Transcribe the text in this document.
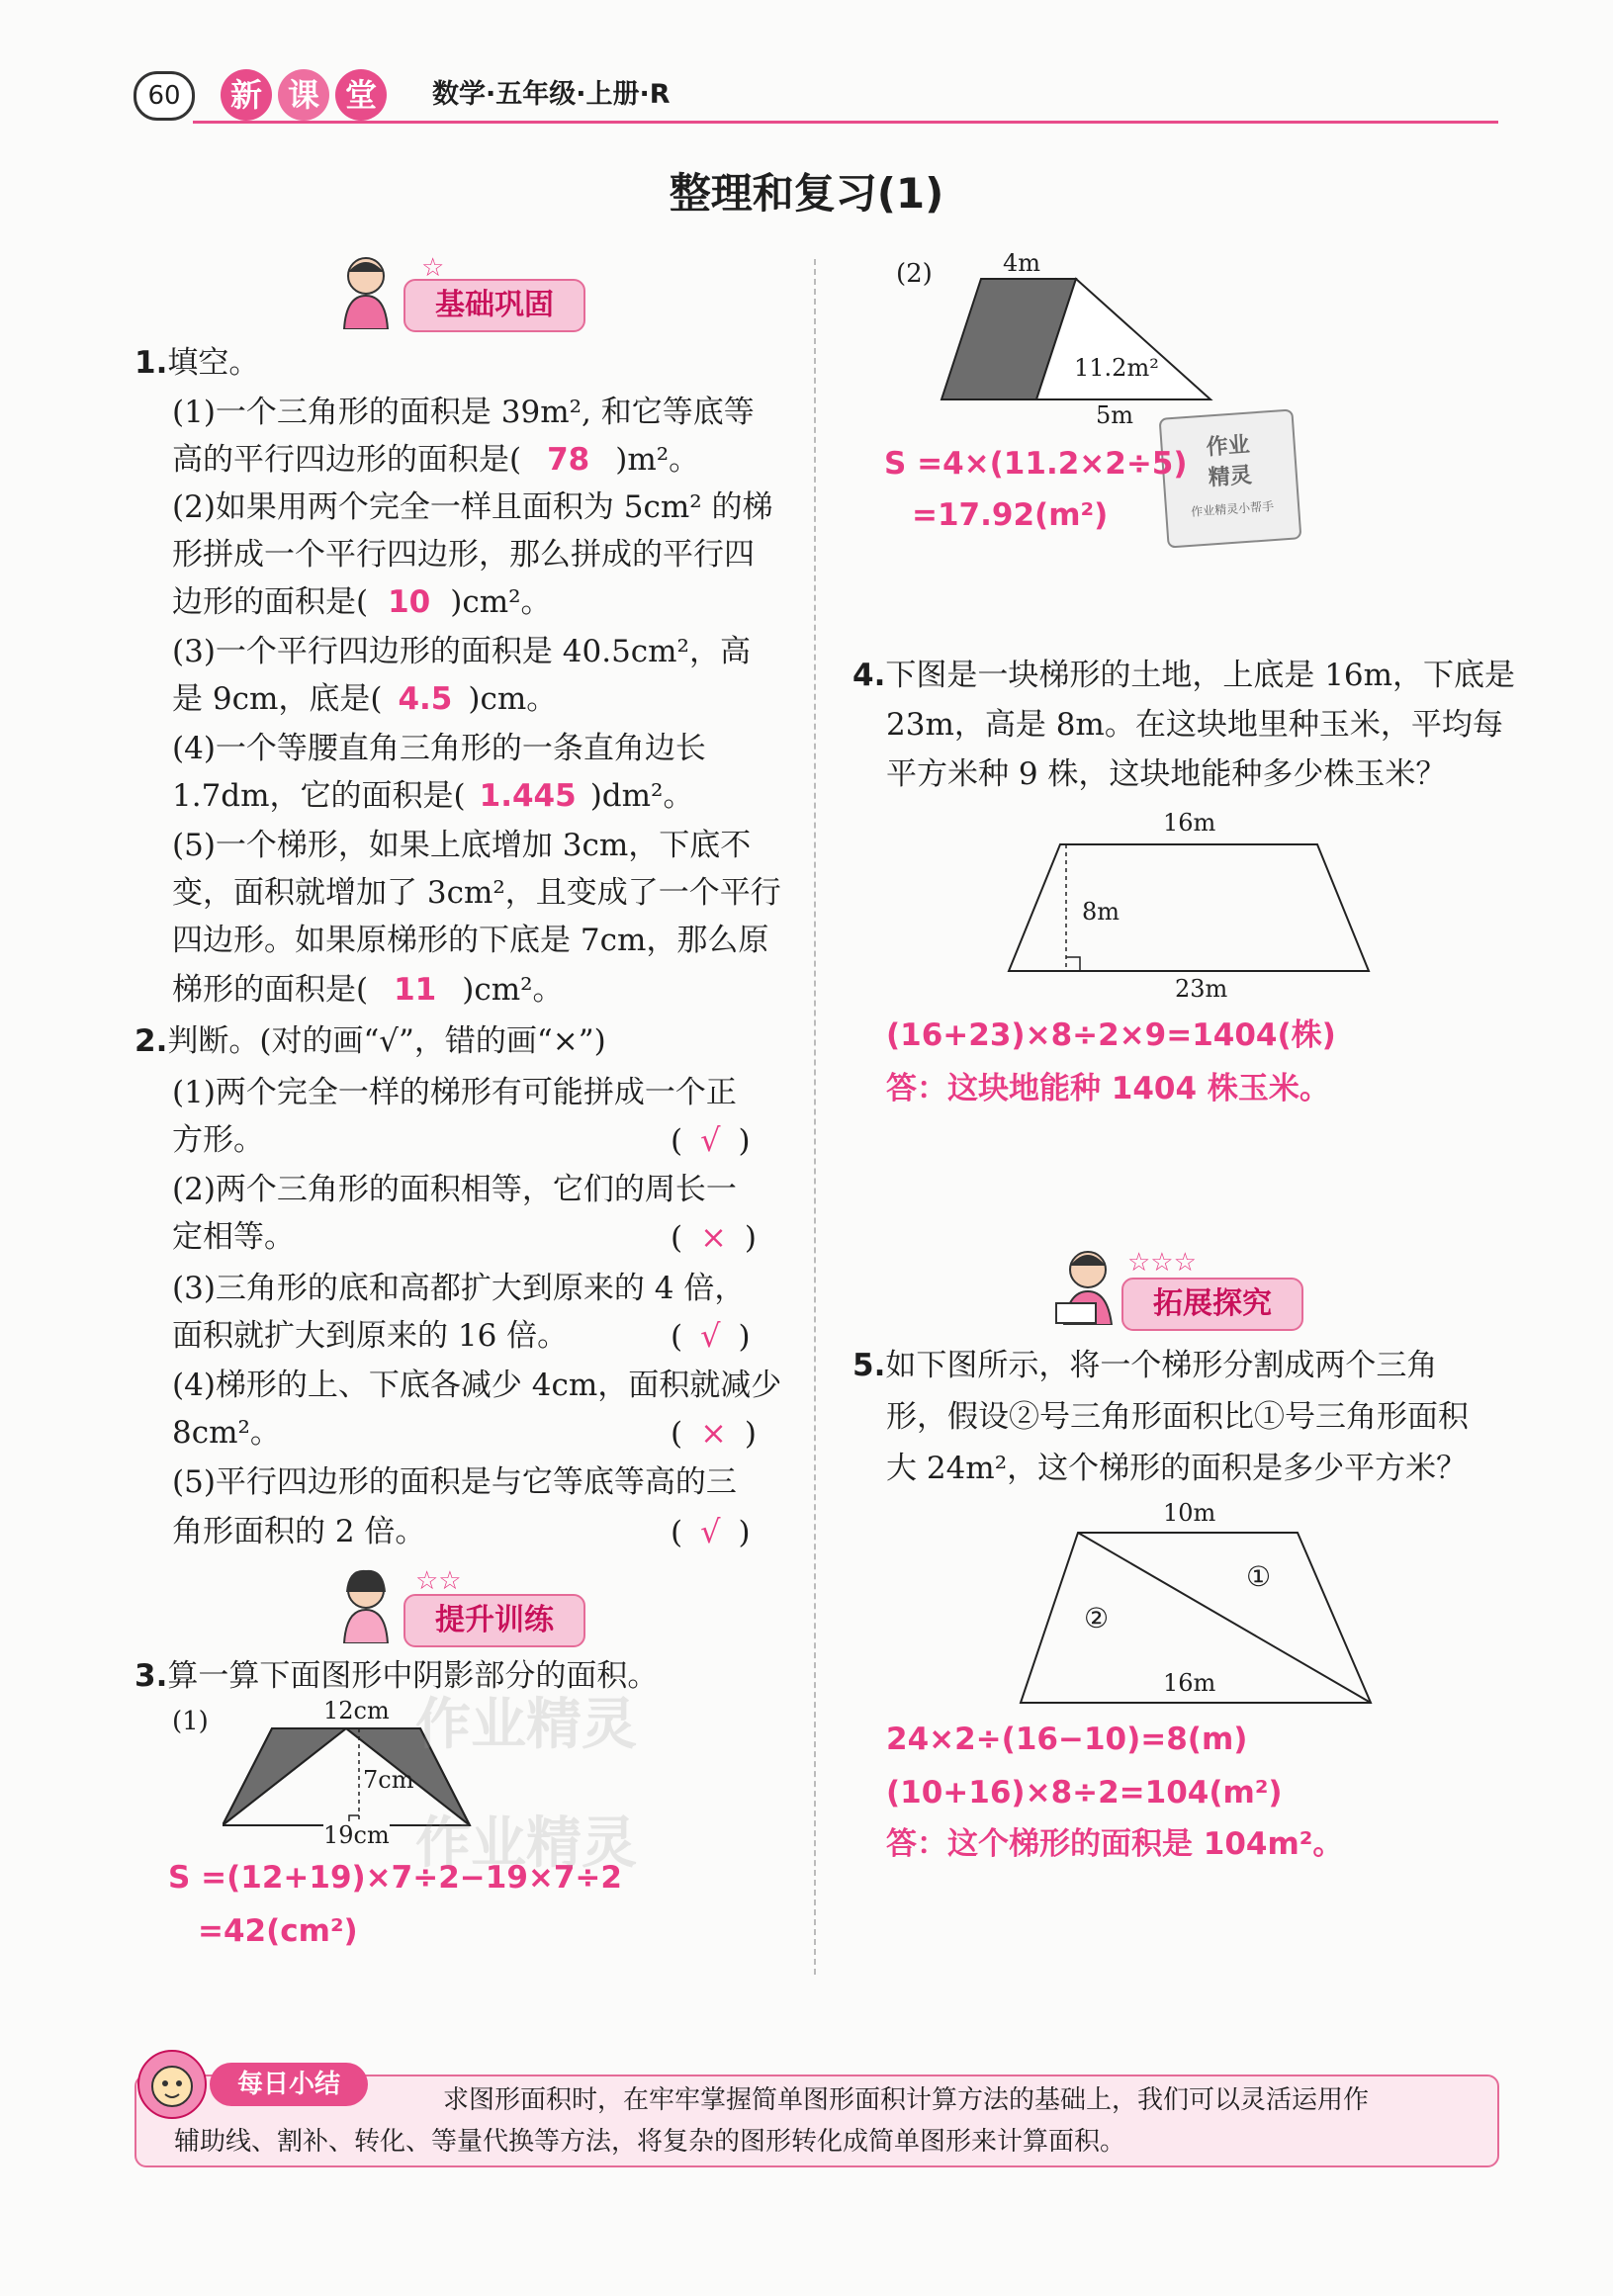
60	新 课 堂	数学·五年级·上册·R
整理和复习(1)
基础巩固
☆
1.填空。
(1)一个三角形的面积是 39m², 和它等底等
高的平行四边形的面积是( 78 )m²。
(2)如果用两个完全一样且面积为 5cm² 的梯
形拼成一个平行四边形，那么拼成的平行四
边形的面积是( 10 )cm²。
(3)一个平行四边形的面积是 40.5cm²，高
是 9cm，底是( 4.5 )cm。
(4)一个等腰直角三角形的一条直角边长
1.7dm，它的面积是( 1.445 )dm²。
(5)一个梯形，如果上底增加 3cm，下底不
变，面积就增加了 3cm²，且变成了一个平行
四边形。如果原梯形的下底是 7cm，那么原
梯形的面积是( 11 )cm²。
2.判断。(对的画“√”，错的画“×”)
(1)两个完全一样的梯形有可能拼成一个正
方形。	( √ )
(2)两个三角形的面积相等，它们的周长一
定相等。	( × )
(3)三角形的底和高都扩大到原来的 4 倍，
面积就扩大到原来的 16 倍。	( √ )
(4)梯形的上、下底各减少 4cm，面积就减少
8cm²。	( × )
(5)平行四边形的面积是与它等底等高的三
角形面积的 2 倍。	( √ )
提升训练
☆☆
3.算一算下面图形中阴影部分的面积。
(1)	12cm
7cm
19cm
S =(12+19)×7÷2−19×7÷2
=42(cm²)
作业精灵
作业精灵
(2)	4m
11.2m²
5m
作业
精灵
作业精灵小帮手
S =4×(11.2×2÷5)
=17.92(m²)
4.下图是一块梯形的土地，上底是 16m，下底是
23m，高是 8m。在这块地里种玉米，平均每
平方米种 9 株，这块地能种多少株玉米？
16m
8m
23m
(16+23)×8÷2×9=1404(株)
答：这块地能种 1404 株玉米。
拓展探究
☆☆☆
5.如下图所示，将一个梯形分割成两个三角
形，假设②号三角形面积比①号三角形面积
大 24m²，这个梯形的面积是多少平方米？
10m
①
②
16m
24×2÷(16−10)=8(m)
(10+16)×8÷2=104(m²)
答：这个梯形的面积是 104m²。
每日小结
求图形面积时，在牢牢掌握简单图形面积计算方法的基础上，我们可以灵活运用作
辅助线、割补、转化、等量代换等方法，将复杂的图形转化成简单图形来计算面积。
